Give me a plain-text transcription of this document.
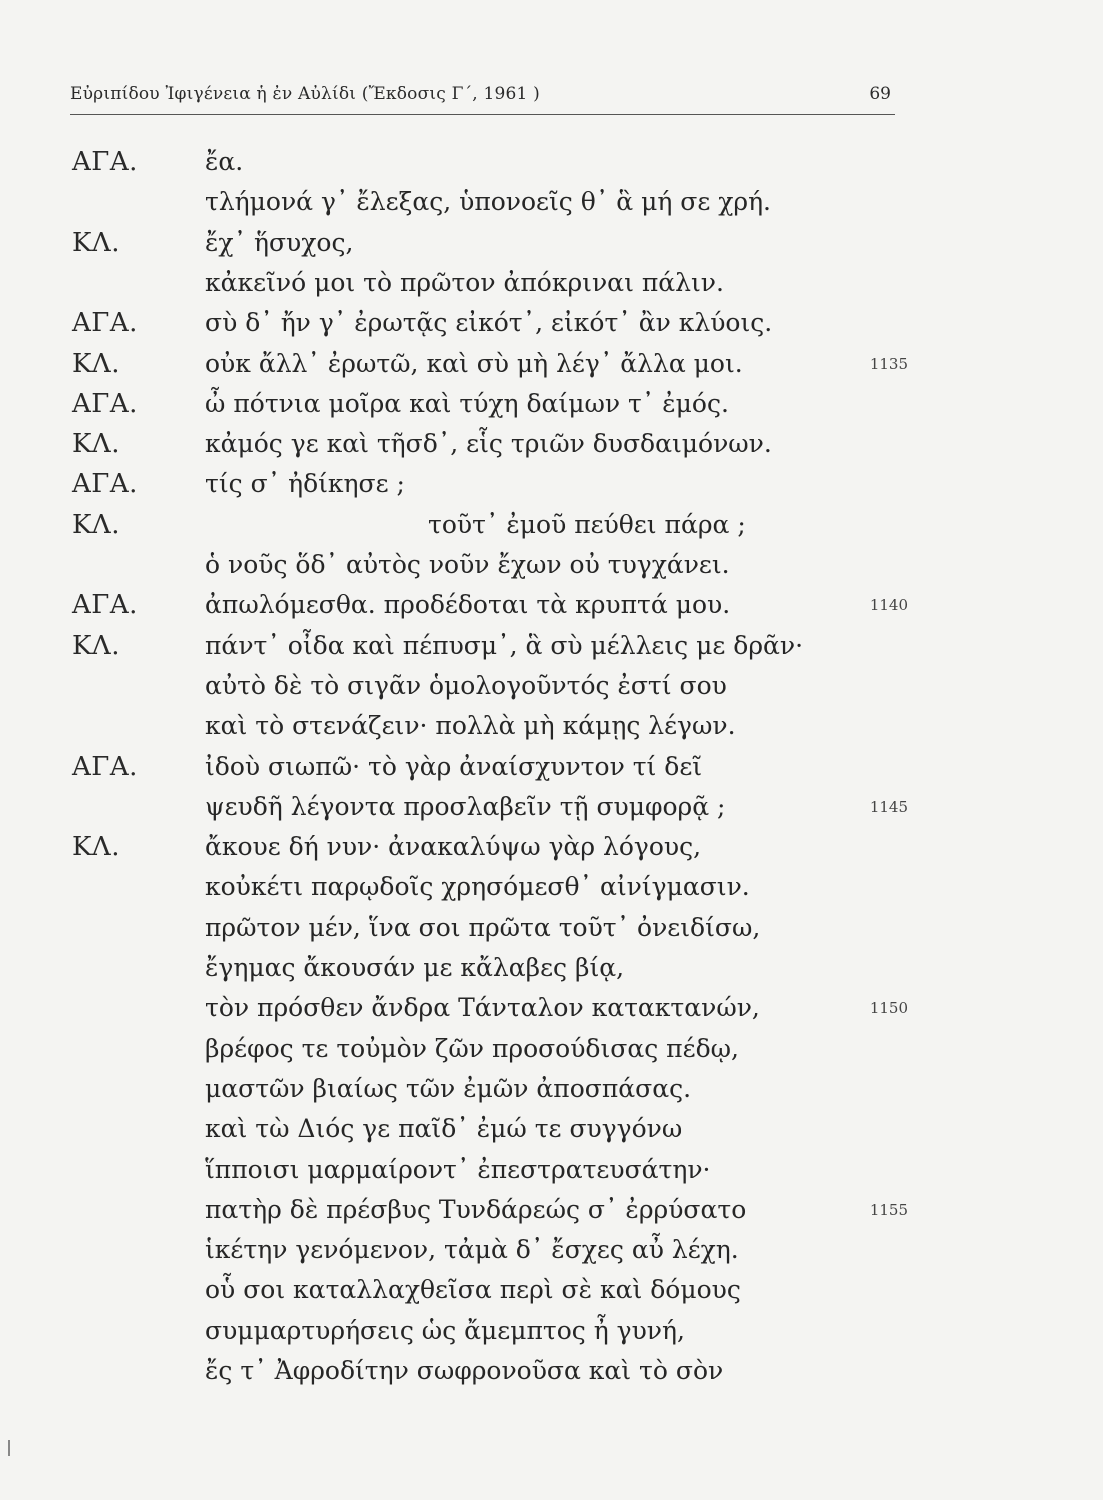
Εὐριπίδου Ἰφιγένεια ἡ ἐν Αὐλίδι (Ἔκδοσις Γ΄, 1961 )	69
ΑΓΑ.	ἔα.
τλήμονά γ᾽ ἔλεξας, ὑπονοεῖς θ᾽ ἃ μή σε χρή.
ΚΛ.	ἔχ᾽ ἥσυχος,
κἀκεῖνό μοι τὸ πρῶτον ἀπόκριναι πάλιν.
ΑΓΑ.	σὺ δ᾽ ἤν γ᾽ ἐρωτᾷς εἰκότ᾽, εἰκότ᾽ ἂν κλύοις.
ΚΛ.	οὐκ ἄλλ᾽ ἐρωτῶ, καὶ σὺ μὴ λέγ᾽ ἄλλα μοι.	1135
ΑΓΑ.	ὦ πότνια μοῖρα καὶ τύχη δαίμων τ᾽ ἐμός.
ΚΛ.	κἀμός γε καὶ τῆσδ᾽, εἷς τριῶν δυσδαιμόνων.
ΑΓΑ.	τίς σ᾽ ἠδίκησε ;
ΚΛ.	τοῦτ᾽ ἐμοῦ πεύθει πάρα ;
ὁ νοῦς ὅδ᾽ αὐτὸς νοῦν ἔχων οὐ τυγχάνει.
ΑΓΑ.	ἀπωλόμεσθα. προδέδοται τὰ κρυπτά μου.	1140
ΚΛ.	πάντ᾽ οἶδα καὶ πέπυσμ᾽, ἃ σὺ μέλλεις με δρᾶν·
αὐτὸ δὲ τὸ σιγᾶν ὁμολογοῦντός ἐστί σου
καὶ τὸ στενάζειν· πολλὰ μὴ κάμῃς λέγων.
ΑΓΑ.	ἰδοὺ σιωπῶ· τὸ γὰρ ἀναίσχυντον τί δεῖ
ψευδῆ λέγοντα προσλαβεῖν τῇ συμφορᾷ ;	1145
ΚΛ.	ἄκουε δή νυν· ἀνακαλύψω γὰρ λόγους,
κοὐκέτι παρῳδοῖς χρησόμεσθ᾽ αἰνίγμασιν.
πρῶτον μέν, ἵνα σοι πρῶτα τοῦτ᾽ ὀνειδίσω,
ἔγημας ἄκουσάν με κἄλαβες βίᾳ,
τὸν πρόσθεν ἄνδρα Τάνταλον κατακτανών,	1150
βρέφος τε τοὐμὸν ζῶν προσούδισας πέδῳ,
μαστῶν βιαίως τῶν ἐμῶν ἀποσπάσας.
καὶ τὼ Διός γε παῖδ᾽ ἐμώ τε συγγόνω
ἵπποισι μαρμαίροντ᾽ ἐπεστρατευσάτην·
πατὴρ δὲ πρέσβυς Τυνδάρεώς σ᾽ ἐρρύσατο	1155
ἱκέτην γενόμενον, τἀμὰ δ᾽ ἔσχες αὖ λέχη.
οὗ σοι καταλλαχθεῖσα περὶ σὲ καὶ δόμους
συμμαρτυρήσεις ὡς ἄμεμπτος ἦ γυνή,
ἔς τ᾽ Ἀφροδίτην σωφρονοῦσα καὶ τὸ σὸν
